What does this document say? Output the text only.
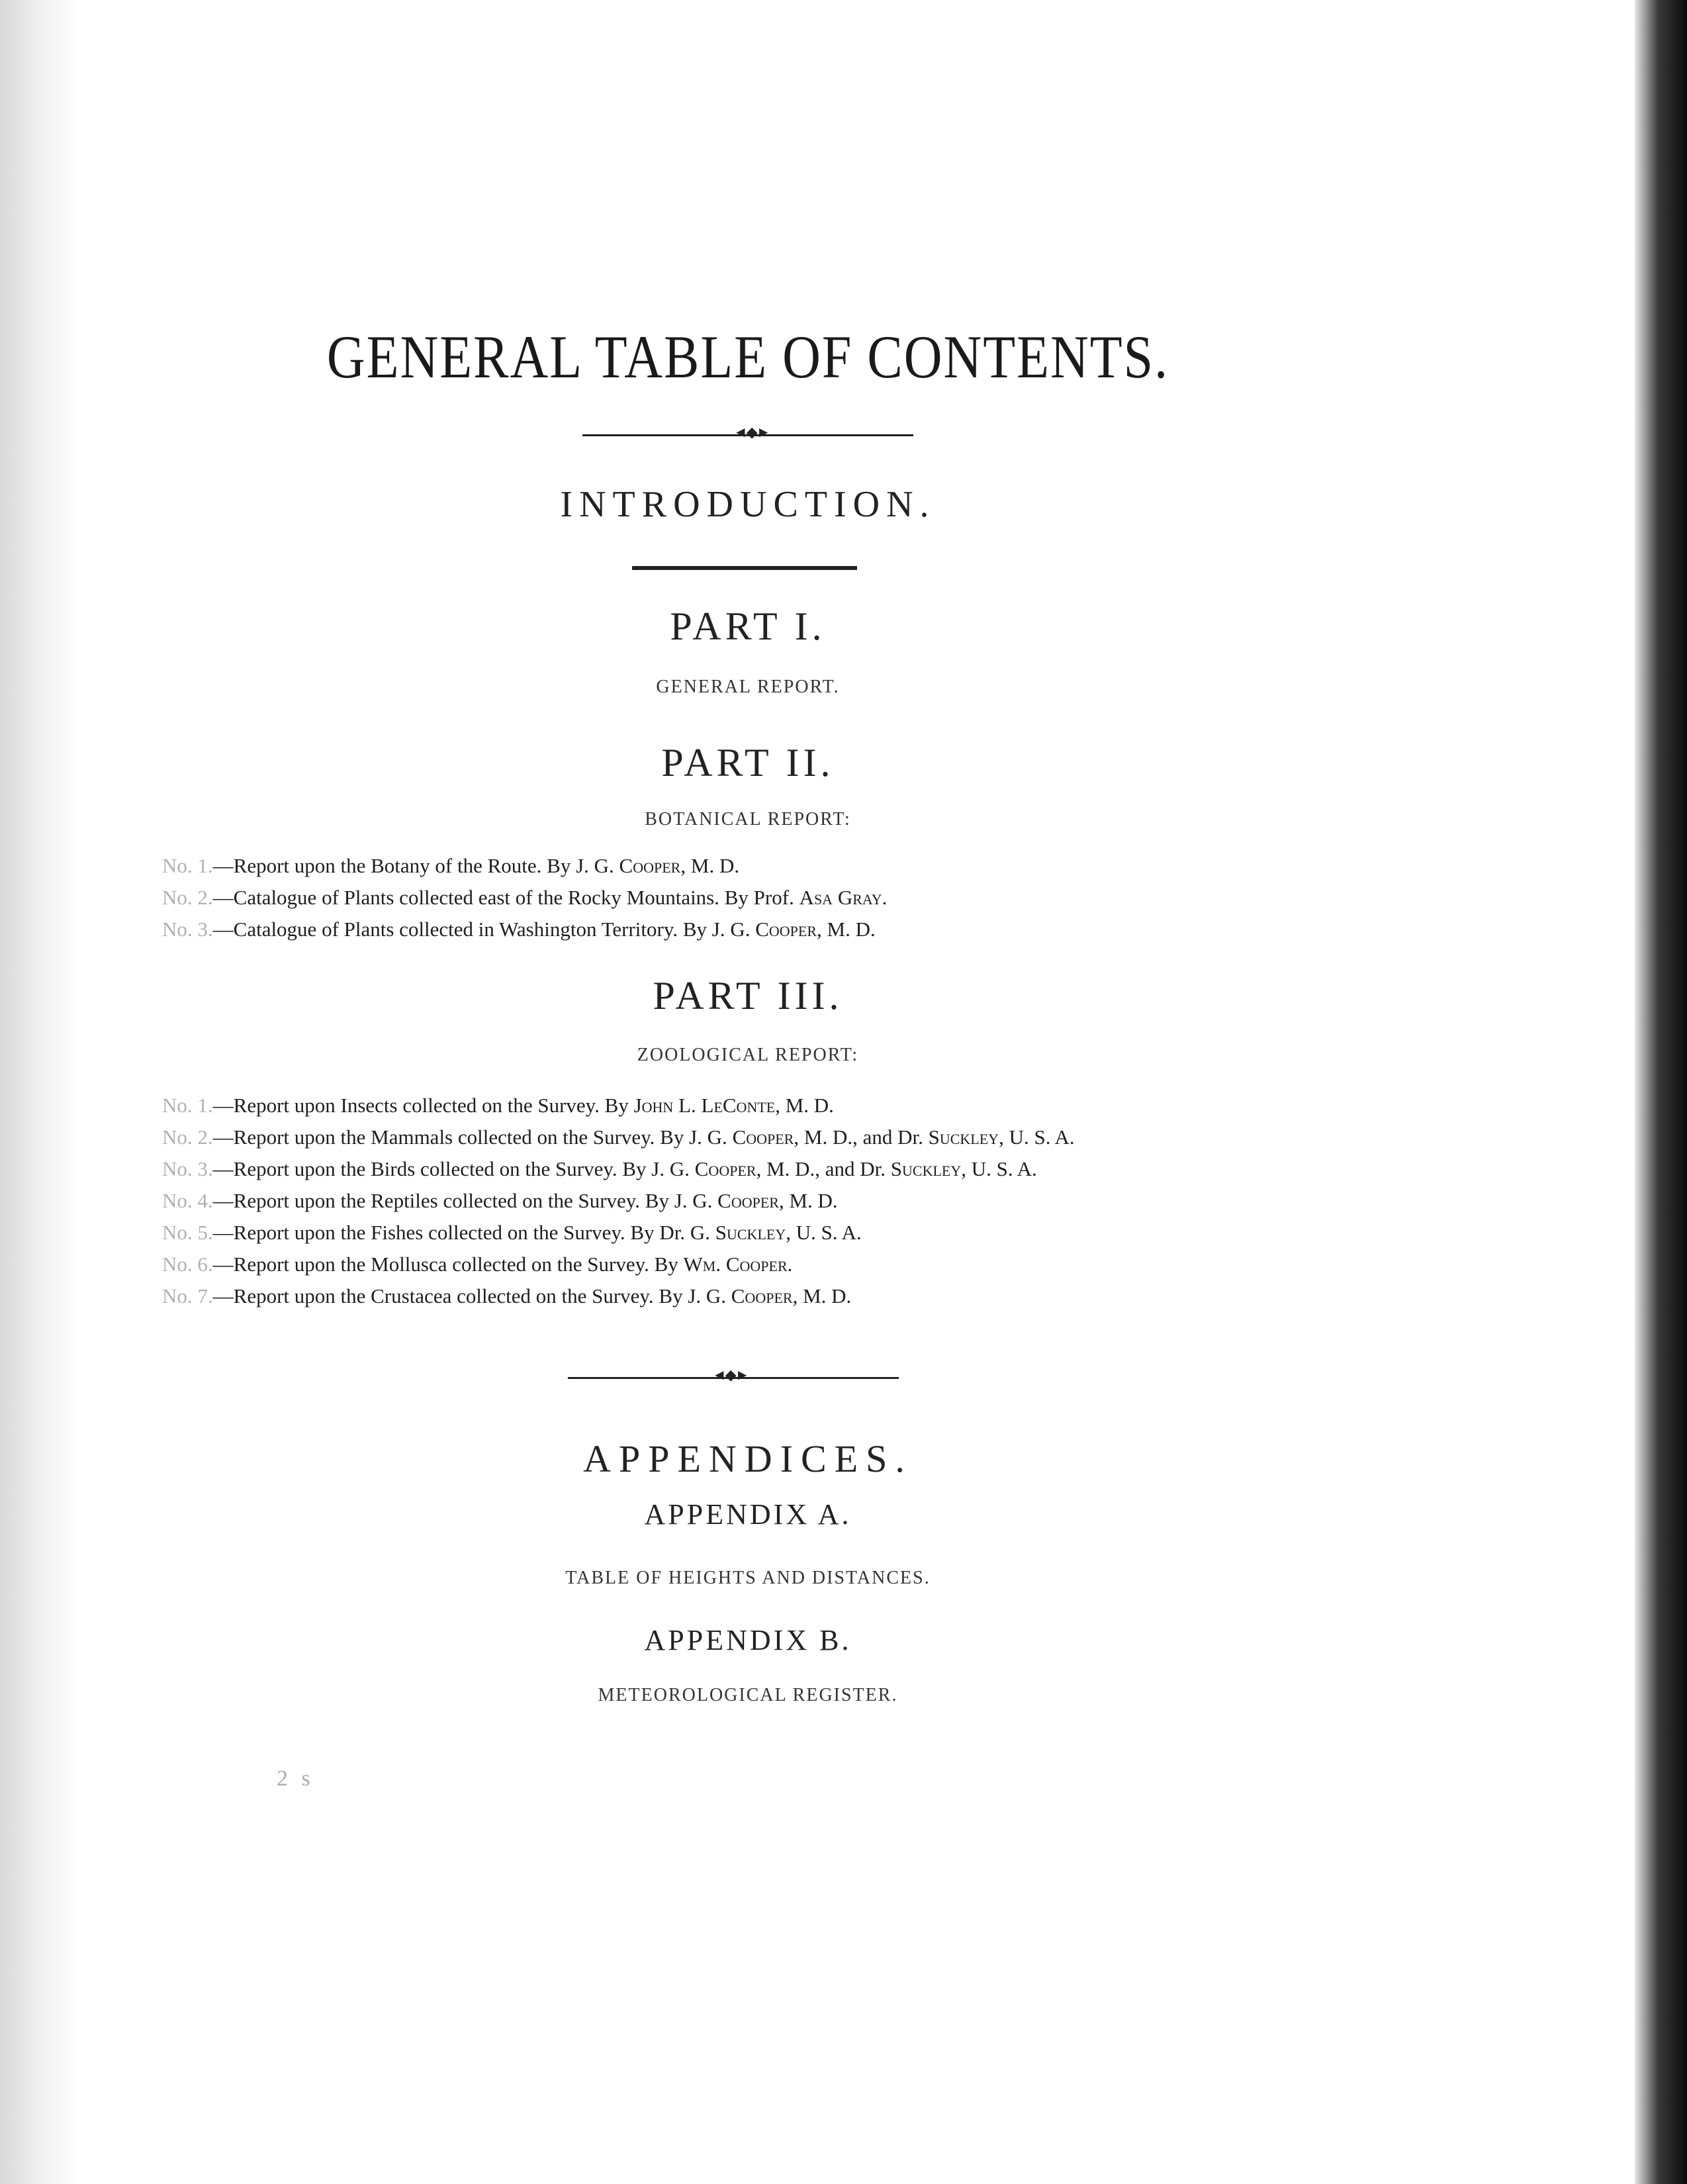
GENERAL TABLE OF CONTENTS.
◄◆►
INTRODUCTION.
PART I.
GENERAL REPORT.
PART II.
BOTANICAL REPORT:
No. 1.—Report upon the Botany of the Route. By J. G. Cooper, M. D.
No. 2.—Catalogue of Plants collected east of the Rocky Mountains. By Prof. Asa Gray.
No. 3.—Catalogue of Plants collected in Washington Territory. By J. G. Cooper, M. D.
PART III.
ZOOLOGICAL REPORT:
No. 1.—Report upon Insects collected on the Survey. By John L. LeConte, M. D.
No. 2.—Report upon the Mammals collected on the Survey. By J. G. Cooper, M. D., and Dr. Suckley, U. S. A.
No. 3.—Report upon the Birds collected on the Survey. By J. G. Cooper, M. D., and Dr. Suckley, U. S. A.
No. 4.—Report upon the Reptiles collected on the Survey. By J. G. Cooper, M. D.
No. 5.—Report upon the Fishes collected on the Survey. By Dr. G. Suckley, U. S. A.
No. 6.—Report upon the Mollusca collected on the Survey. By Wm. Cooper.
No. 7.—Report upon the Crustacea collected on the Survey. By J. G. Cooper, M. D.
◄◆►
APPENDICES.
APPENDIX A.
TABLE OF HEIGHTS AND DISTANCES.
APPENDIX B.
METEOROLOGICAL REGISTER.
2 s
